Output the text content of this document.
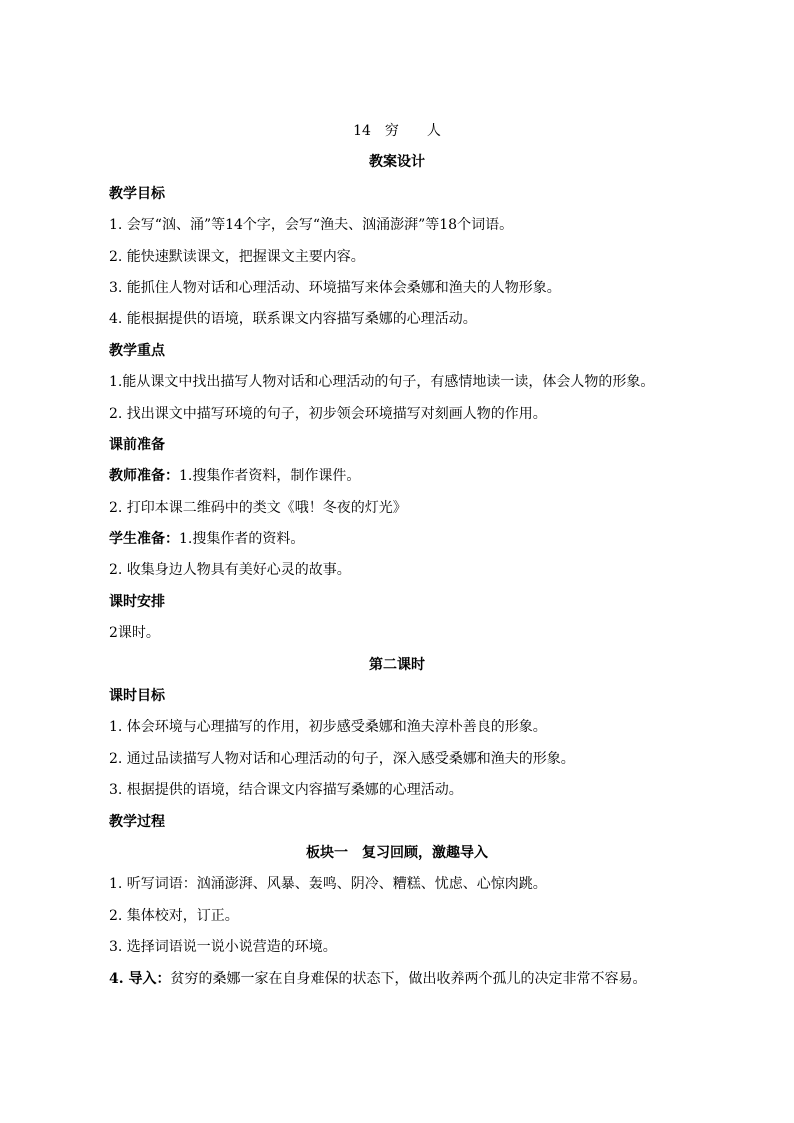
14 穷 人
教案设计
教学目标
1. 会写“汹、涌”等14个字，会写“渔夫、汹涌澎湃”等18个词语。
2. 能快速默读课文，把握课文主要内容。
3. 能抓住人物对话和心理活动、环境描写来体会桑娜和渔夫的人物形象。
4. 能根据提供的语境，联系课文内容描写桑娜的心理活动。
教学重点
1.能从课文中找出描写人物对话和心理活动的句子，有感情地读一读，体会人物的形象。
2. 找出课文中描写环境的句子，初步领会环境描写对刻画人物的作用。
课前准备
教师准备：1.搜集作者资料，制作课件。
2. 打印本课二维码中的类文《哦！冬夜的灯光》
学生准备：1.搜集作者的资料。
2. 收集身边人物具有美好心灵的故事。
课时安排
2课时。
第二课时
课时目标
1. 体会环境与心理描写的作用，初步感受桑娜和渔夫淳朴善良的形象。
2. 通过品读描写人物对话和心理活动的句子，深入感受桑娜和渔夫的形象。
3. 根据提供的语境，结合课文内容描写桑娜的心理活动。
教学过程
板块一　复习回顾，激趣导入
1. 听写词语：汹涌澎湃、风暴、轰鸣、阴冷、糟糕、忧虑、心惊肉跳。
2. 集体校对，订正。
3. 选择词语说一说小说营造的环境。
4. 导入：贫穷的桑娜一家在自身难保的状态下，做出收养两个孤儿的决定非常不容易。
